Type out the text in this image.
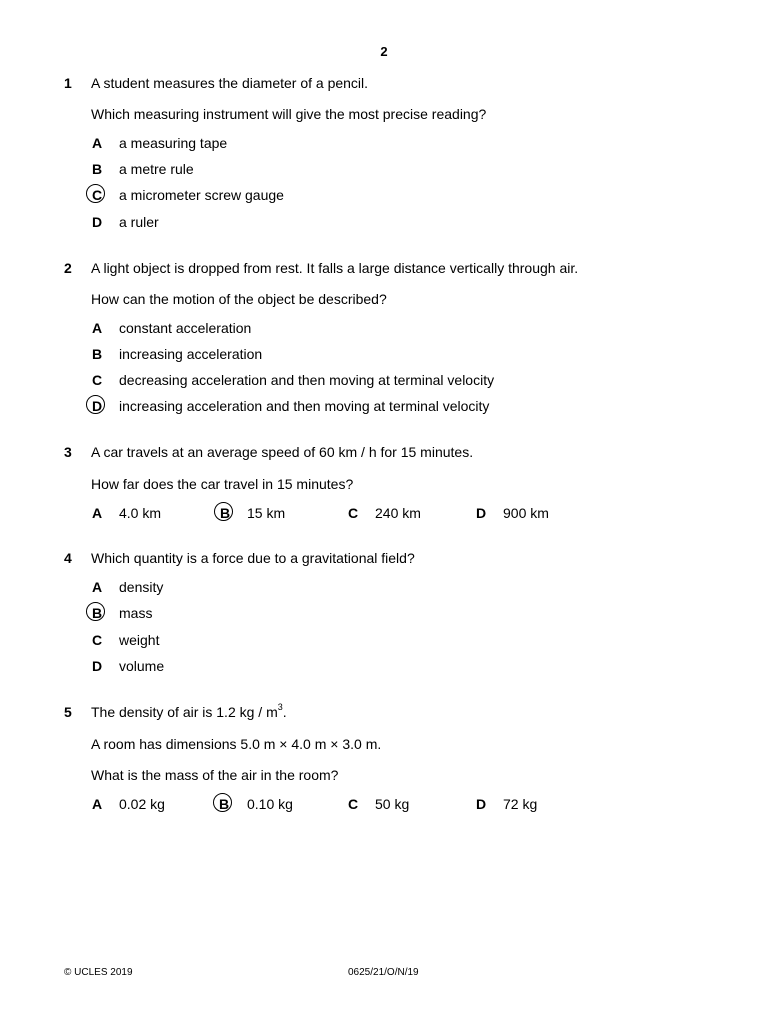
2
1 A student measures the diameter of a pencil.
Which measuring instrument will give the most precise reading?
A a measuring tape
B a metre rule
C a micrometer screw gauge
D a ruler
2 A light object is dropped from rest. It falls a large distance vertically through air.
How can the motion of the object be described?
A constant acceleration
B increasing acceleration
C decreasing acceleration and then moving at terminal velocity
D increasing acceleration and then moving at terminal velocity
3 A car travels at an average speed of 60 km / h for 15 minutes.
How far does the car travel in 15 minutes?
A 4.0 km	B 15 km	C 240 km	D 900 km
4 Which quantity is a force due to a gravitational field?
A density
B mass
C weight
D volume
5 The density of air is 1.2 kg / $m^3$.
A room has dimensions 5.0 m × 4.0 m × 3.0 m.
What is the mass of the air in the room?
A 0.02 kg	B 0.10 kg	C 50 kg	D 72 kg
© UCLES 2019	0625/21/O/N/19
